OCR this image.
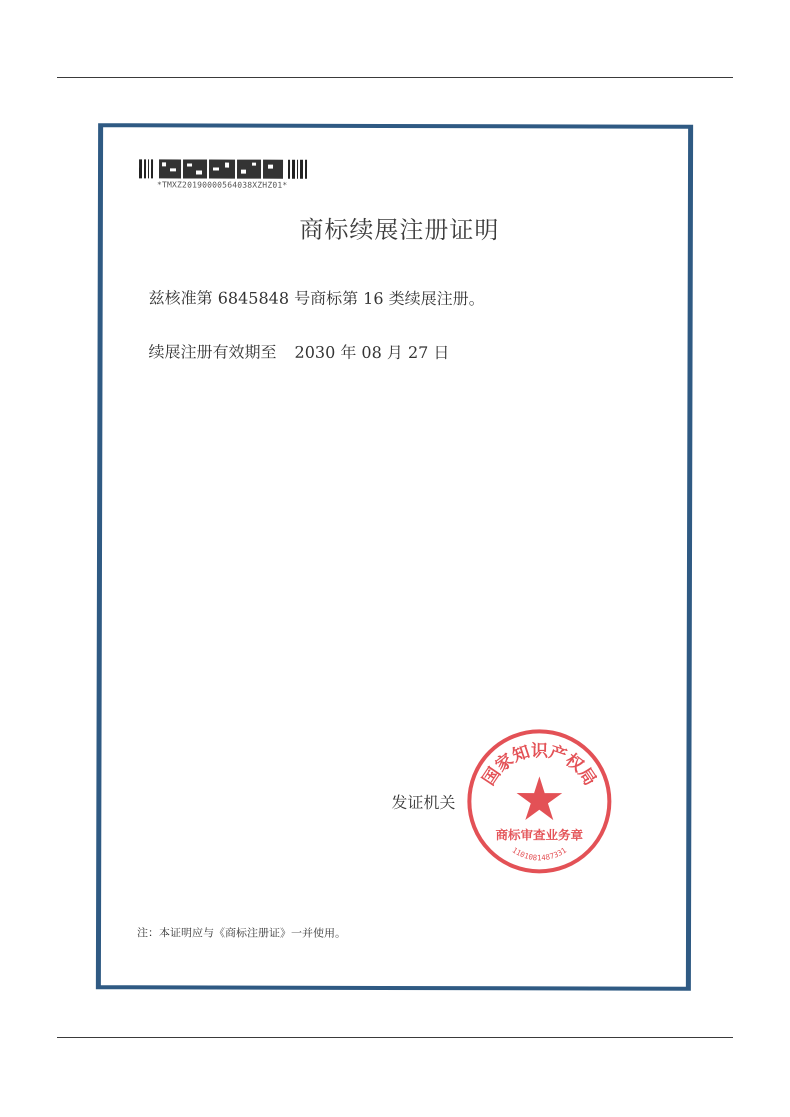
*TMXZ20190000564038XZHZ01*
商标续展注册证明
兹核准第 6845848 号商标第 16 类续展注册。
续展注册有效期至 2030 年 08 月 27 日
发证机关
国家知识产权局
商标审查业务章
1101081487331
注：本证明应与《商标注册证》一并使用。
